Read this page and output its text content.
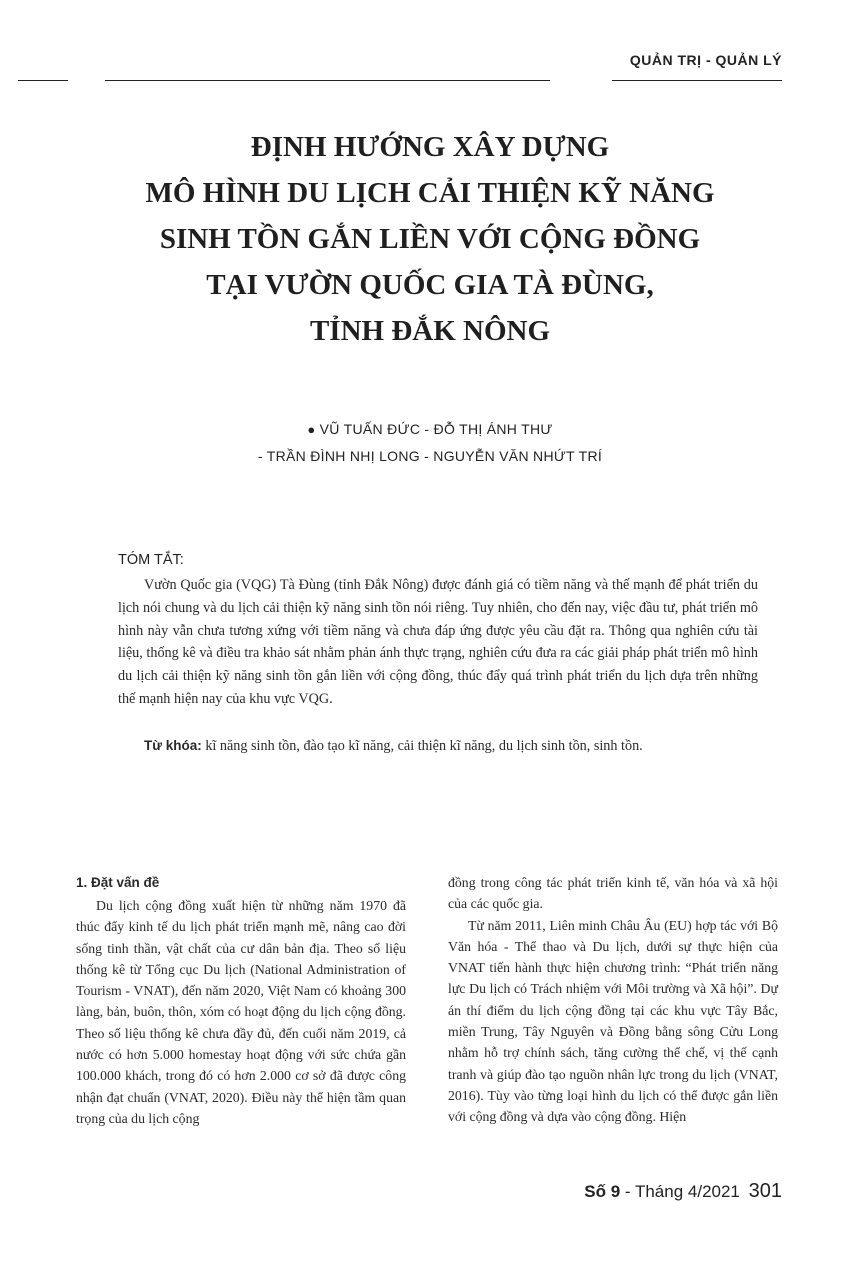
QUẢN TRỊ - QUẢN LÝ
ĐỊNH HƯỚNG XÂY DỰNG
MÔ HÌNH DU LỊCH CẢI THIỆN KỸ NĂNG
SINH TỒN GẮN LIỀN VỚI CỘNG ĐỒNG
TẠI VƯỜN QUỐC GIA TÀ ĐÙNG,
TỈNH ĐẮK NÔNG
● VŨ TUẤN ĐỨC - ĐỖ THỊ ÁNH THƯ
- TRẦN ĐÌNH NHỊ LONG - NGUYỄN VĂN NHỨT TRÍ
TÓM TẮT:
Vườn Quốc gia (VQG) Tà Đùng (tỉnh Đắk Nông) được đánh giá có tiềm năng và thế mạnh để phát triển du lịch nói chung và du lịch cải thiện kỹ năng sinh tồn nói riêng. Tuy nhiên, cho đến nay, việc đầu tư, phát triển mô hình này vẫn chưa tương xứng với tiềm năng và chưa đáp ứng được yêu cầu đặt ra. Thông qua nghiên cứu tài liệu, thống kê và điều tra khảo sát nhằm phản ánh thực trạng, nghiên cứu đưa ra các giải pháp phát triển mô hình du lịch cải thiện kỹ năng sinh tồn gắn liền với cộng đồng, thúc đẩy quá trình phát triển du lịch dựa trên những thế mạnh hiện nay của khu vực VQG.
Từ khóa: kĩ năng sinh tồn, đào tạo kĩ năng, cải thiện kĩ năng, du lịch sinh tồn, sinh tồn.
1. Đặt vấn đề

Du lịch cộng đồng xuất hiện từ những năm 1970 đã thúc đẩy kinh tế du lịch phát triển mạnh mẽ, nâng cao đời sống tinh thần, vật chất của cư dân bản địa. Theo số liệu thống kê từ Tổng cục Du lịch (National Administration of Tourism - VNAT), đến năm 2020, Việt Nam có khoảng 300 làng, bản, buôn, thôn, xóm có hoạt động du lịch cộng đồng. Theo số liệu thống kê chưa đầy đủ, đến cuối năm 2019, cả nước có hơn 5.000 homestay hoạt động với sức chứa gần 100.000 khách, trong đó có hơn 2.000 cơ sở đã được công nhận đạt chuẩn (VNAT, 2020). Điều này thể hiện tầm quan trọng của du lịch cộng

đồng trong công tác phát triển kinh tế, văn hóa và xã hội của các quốc gia.

Từ năm 2011, Liên minh Châu Âu (EU) hợp tác với Bộ Văn hóa - Thể thao và Du lịch, dưới sự thực hiện của VNAT tiến hành thực hiện chương trình: “Phát triển năng lực Du lịch có Trách nhiệm với Môi trường và Xã hội”. Dự án thí điểm du lịch cộng đồng tại các khu vực Tây Bắc, miền Trung, Tây Nguyên và Đồng bằng sông Cửu Long nhằm hỗ trợ chính sách, tăng cường thể chế, vị thế cạnh tranh và giúp đào tạo nguồn nhân lực trong du lịch (VNAT, 2016). Tùy vào từng loại hình du lịch có thể được gắn liền với cộng đồng và dựa vào cộng đồng. Hiện

Số 9 - Tháng 4/2021 301
